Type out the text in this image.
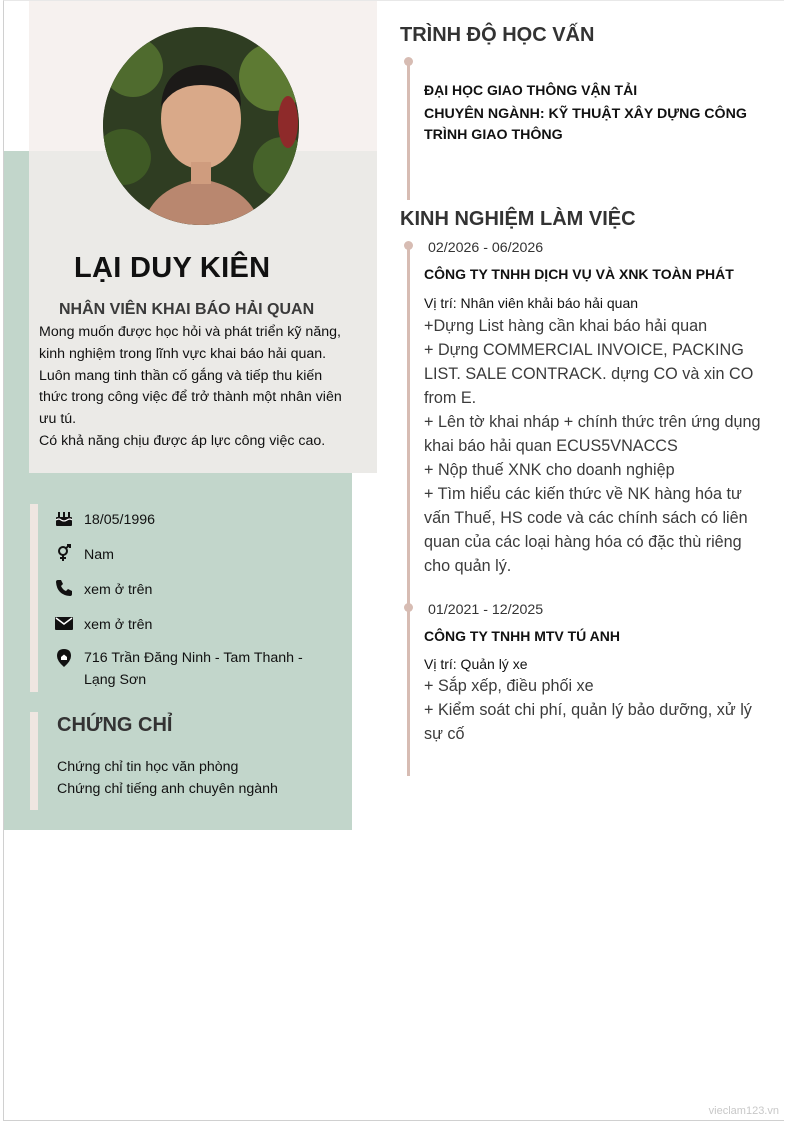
LẠI DUY KIÊN
NHÂN VIÊN KHAI BÁO HẢI QUAN
Mong muốn được học hỏi và phát triển kỹ năng,
kinh nghiệm trong lĩnh vực khai báo hải quan.
Luôn mang tinh thần cố gắng và tiếp thu kiến
thức trong công việc để trở thành một nhân viên
ưu tú.
Có khả năng chịu được áp lực công việc cao.
18/05/1996
Nam
xem ở trên
xem ở trên
716 Trần Đăng Ninh - Tam Thanh -
Lạng Sơn
CHỨNG CHỈ
Chứng chỉ tin học văn phòng
Chứng chỉ tiếng anh chuyên ngành
TRÌNH ĐỘ HỌC VẤN
ĐẠI HỌC GIAO THÔNG VẬN TẢI
CHUYÊN NGÀNH: KỸ THUẬT XÂY DỰNG CÔNG
TRÌNH GIAO THÔNG
KINH NGHIỆM LÀM VIỆC
02/2026 - 06/2026
CÔNG TY TNHH DỊCH VỤ VÀ XNK TOÀN PHÁT
Vị trí: Nhân viên khải báo hải quan
+Dựng List hàng cần khai báo hải quan
+ Dựng COMMERCIAL INVOICE, PACKING
LIST. SALE CONTRACK. dựng CO và xin CO
from E.
+ Lên tờ khai nháp + chính thức trên ứng dụng
khai báo hải quan ECUS5VNACCS
+ Nộp thuế XNK cho doanh nghiệp
+ Tìm hiểu các kiến thức về NK hàng hóa tư
vấn Thuế, HS code và các chính sách có liên
quan của các loại hàng hóa có đặc thù riêng
cho quản lý.
01/2021 - 12/2025
CÔNG TY TNHH MTV TÚ ANH
Vị trí: Quản lý xe
+ Sắp xếp, điều phối xe
+ Kiểm soát chi phí, quản lý bảo dưỡng, xử lý
sự cố
vieclam123.vn
